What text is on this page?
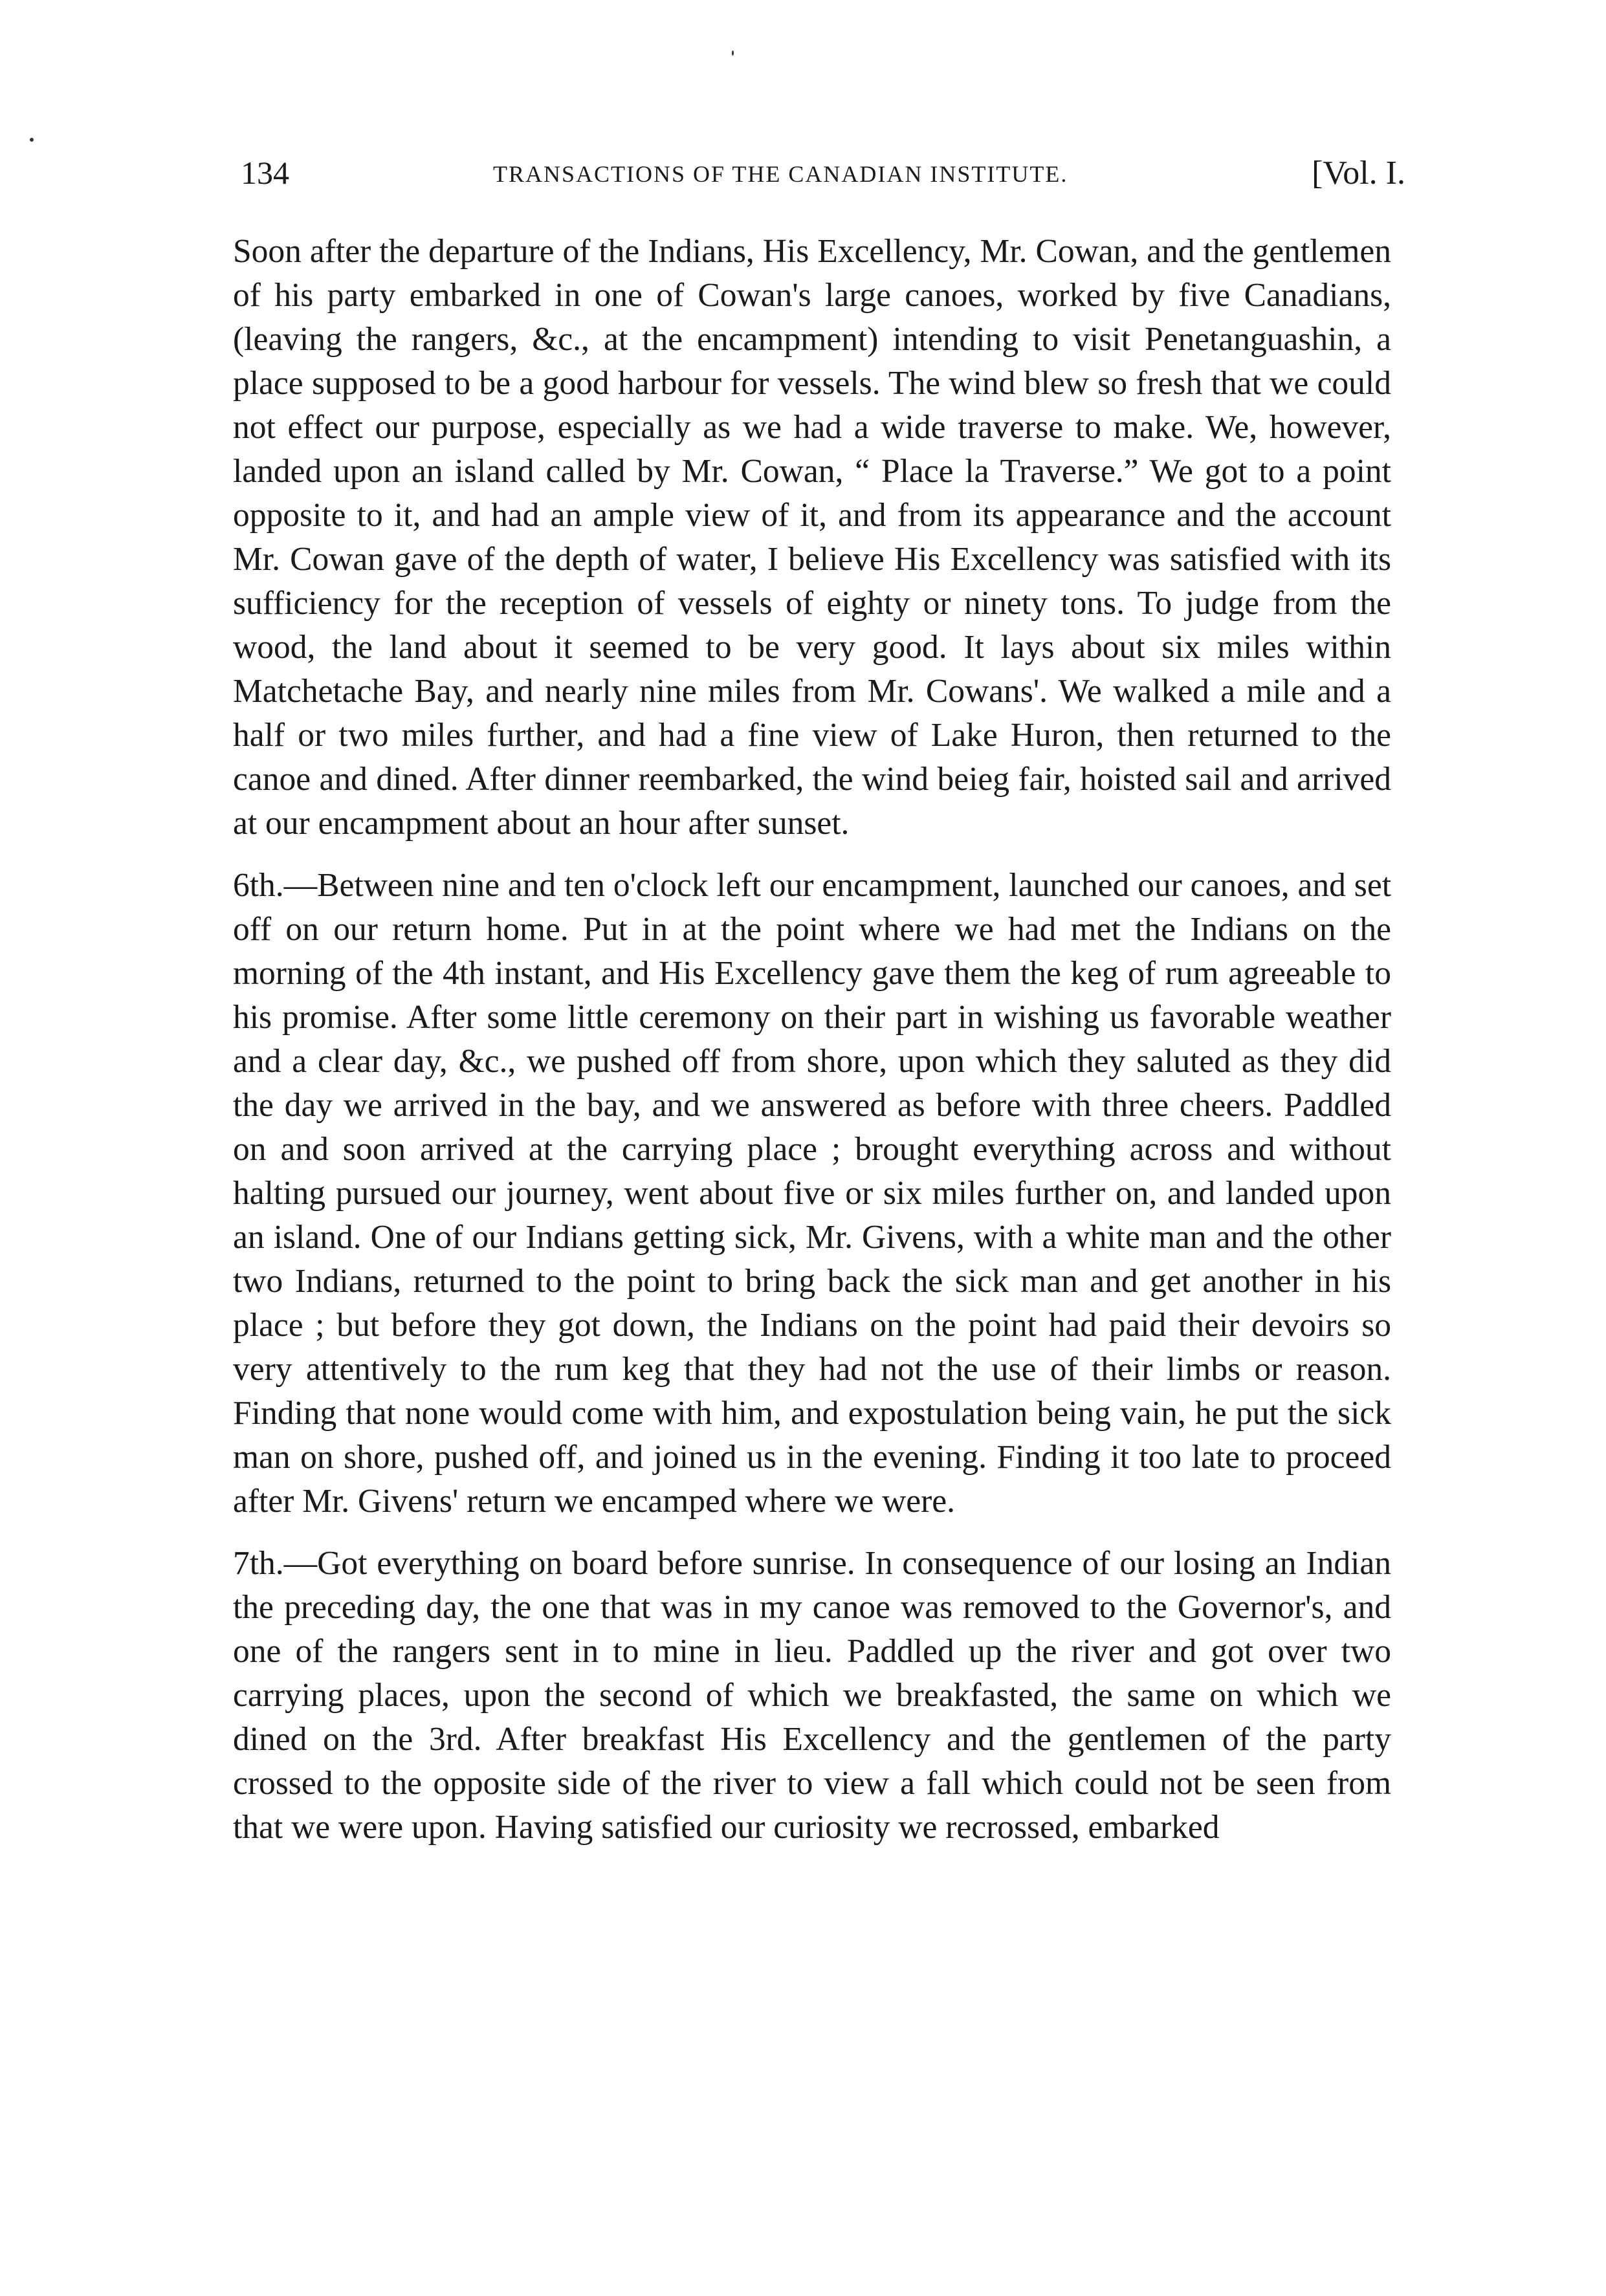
134	TRANSACTIONS OF THE CANADIAN INSTITUTE.	[Vol. I.

Soon after the departure of the Indians, His Excellency, Mr. Cowan, and the gentlemen of his party embarked in one of Cowan's large canoes, worked by five Canadians, (leaving the rangers, &c., at the encampment) intending to visit Penetanguashin, a place supposed to be a good harbour for vessels. The wind blew so fresh that we could not effect our purpose, especially as we had a wide traverse to make. We, however, landed upon an island called by Mr. Cowan, “ Place la Traverse.” We got to a point opposite to it, and had an ample view of it, and from its appearance and the account Mr. Cowan gave of the depth of water, I believe His Excellency was satisfied with its sufficiency for the reception of vessels of eighty or ninety tons. To judge from the wood, the land about it seemed to be very good. It lays about six miles within Matchetache Bay, and nearly nine miles from Mr. Cowans'. We walked a mile and a half or two miles further, and had a fine view of Lake Huron, then returned to the canoe and dined. After dinner reembarked, the wind beieg fair, hoisted sail and arrived at our encampment about an hour after sunset.

6th.—Between nine and ten o'clock left our encampment, launched our canoes, and set off on our return home. Put in at the point where we had met the Indians on the morning of the 4th instant, and His Excellency gave them the keg of rum agreeable to his promise. After some little ceremony on their part in wishing us favorable weather and a clear day, &c., we pushed off from shore, upon which they saluted as they did the day we arrived in the bay, and we answered as before with three cheers. Paddled on and soon arrived at the carrying place ; brought everything across and without halting pursued our journey, went about five or six miles further on, and landed upon an island. One of our Indians getting sick, Mr. Givens, with a white man and the other two Indians, returned to the point to bring back the sick man and get another in his place ; but before they got down, the Indians on the point had paid their devoirs so very attentively to the rum keg that they had not the use of their limbs or reason. Finding that none would come with him, and expostulation being vain, he put the sick man on shore, pushed off, and joined us in the evening. Finding it too late to proceed after Mr. Givens' return we encamped where we were.

7th.—Got everything on board before sunrise. In consequence of our losing an Indian the preceding day, the one that was in my canoe was removed to the Governor's, and one of the rangers sent in to mine in lieu. Paddled up the river and got over two carrying places, upon the second of which we breakfasted, the same on which we dined on the 3rd. After breakfast His Excellency and the gentlemen of the party crossed to the opposite side of the river to view a fall which could not be seen from that we were upon. Having satisfied our curiosity we recrossed, embarked
